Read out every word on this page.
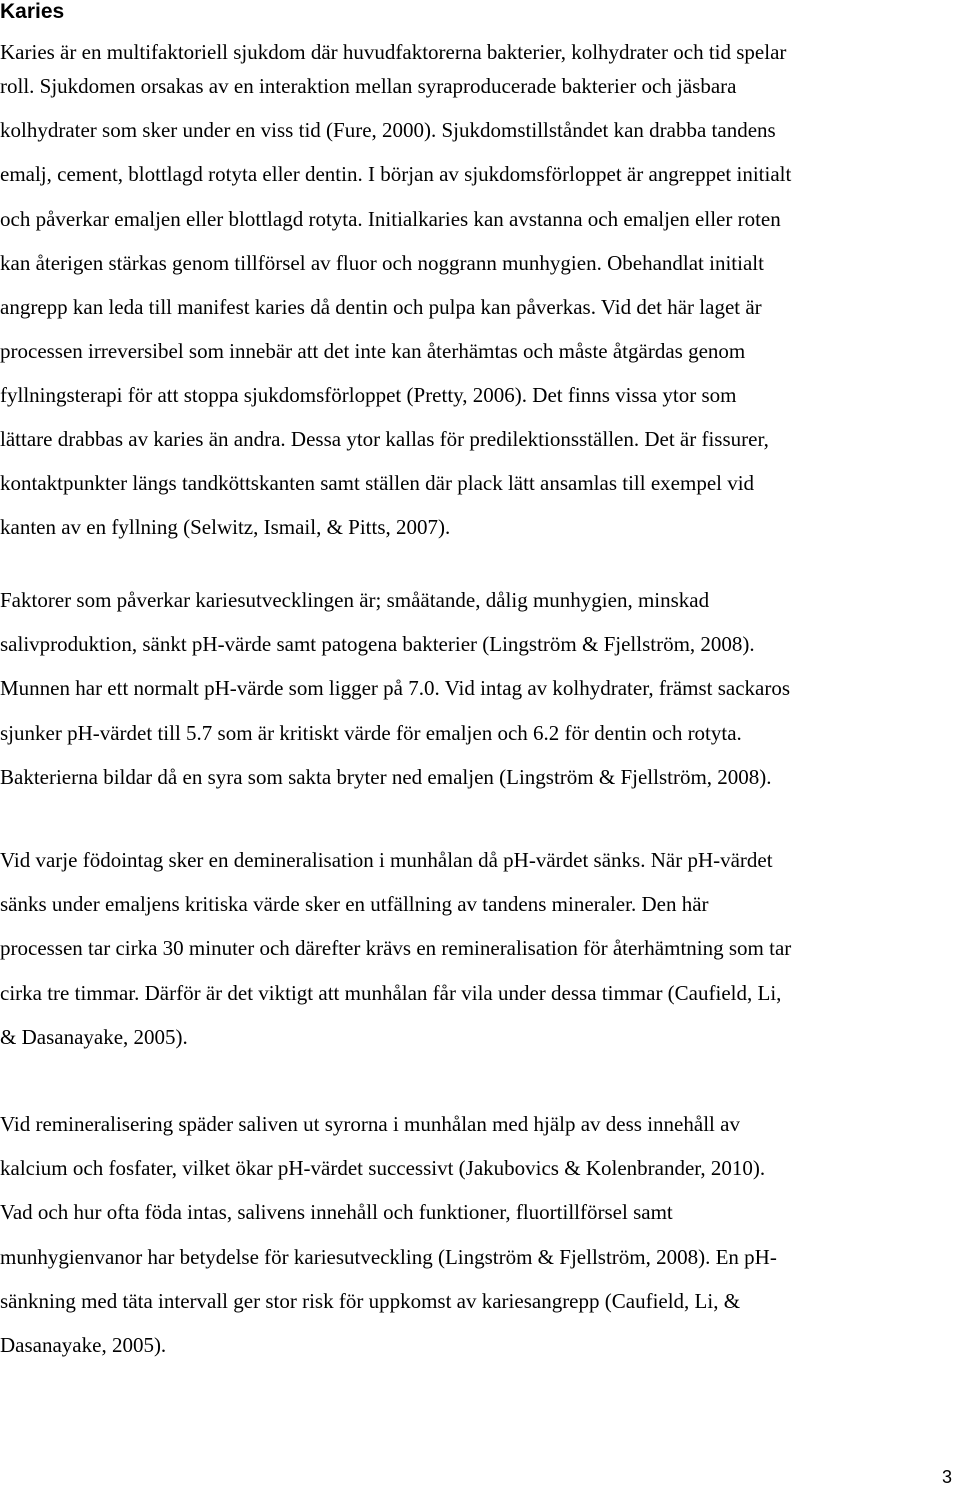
Karies
Karies är en multifaktoriell sjukdom där huvudfaktorerna bakterier, kolhydrater och tid spelar
roll. Sjukdomen orsakas av en interaktion mellan syraproducerade bakterier och jäsbara
kolhydrater som sker under en viss tid (Fure, 2000). Sjukdomstillståndet kan drabba tandens
emalj, cement, blottlagd rotyta eller dentin. I början av sjukdomsförloppet är angreppet initialt
och påverkar emaljen eller blottlagd rotyta. Initialkaries kan avstanna och emaljen eller roten
kan återigen stärkas genom tillförsel av fluor och noggrann munhygien. Obehandlat initialt
angrepp kan leda till manifest karies då dentin och pulpa kan påverkas. Vid det här laget är
processen irreversibel som innebär att det inte kan återhämtas och måste åtgärdas genom
fyllningsterapi för att stoppa sjukdomsförloppet (Pretty, 2006). Det finns vissa ytor som
lättare drabbas av karies än andra. Dessa ytor kallas för predilektionsställen. Det är fissurer,
kontaktpunkter längs tandköttskanten samt ställen där plack lätt ansamlas till exempel vid
kanten av en fyllning (Selwitz, Ismail, & Pitts, 2007).
Faktorer som påverkar kariesutvecklingen är; småätande, dålig munhygien, minskad
salivproduktion, sänkt pH-värde samt patogena bakterier (Lingström & Fjellström, 2008).
Munnen har ett normalt pH-värde som ligger på 7.0. Vid intag av kolhydrater, främst sackaros
sjunker pH-värdet till 5.7 som är kritiskt värde för emaljen och 6.2 för dentin och rotyta.
Bakterierna bildar då en syra som sakta bryter ned emaljen (Lingström & Fjellström, 2008).
Vid varje födointag sker en demineralisation i munhålan då pH-värdet sänks. När pH-värdet
sänks under emaljens kritiska värde sker en utfällning av tandens mineraler. Den här
processen tar cirka 30 minuter och därefter krävs en remineralisation för återhämtning som tar
cirka tre timmar. Därför är det viktigt att munhålan får vila under dessa timmar (Caufield, Li,
& Dasanayake, 2005).
Vid remineralisering späder saliven ut syrorna i munhålan med hjälp av dess innehåll av
kalcium och fosfater, vilket ökar pH-värdet successivt (Jakubovics & Kolenbrander, 2010).
Vad och hur ofta föda intas, salivens innehåll och funktioner, fluortillförsel samt
munhygienvanor har betydelse för kariesutveckling (Lingström & Fjellström, 2008). En pH-
sänkning med täta intervall ger stor risk för uppkomst av kariesangrepp (Caufield, Li, &
Dasanayake, 2005).

3
